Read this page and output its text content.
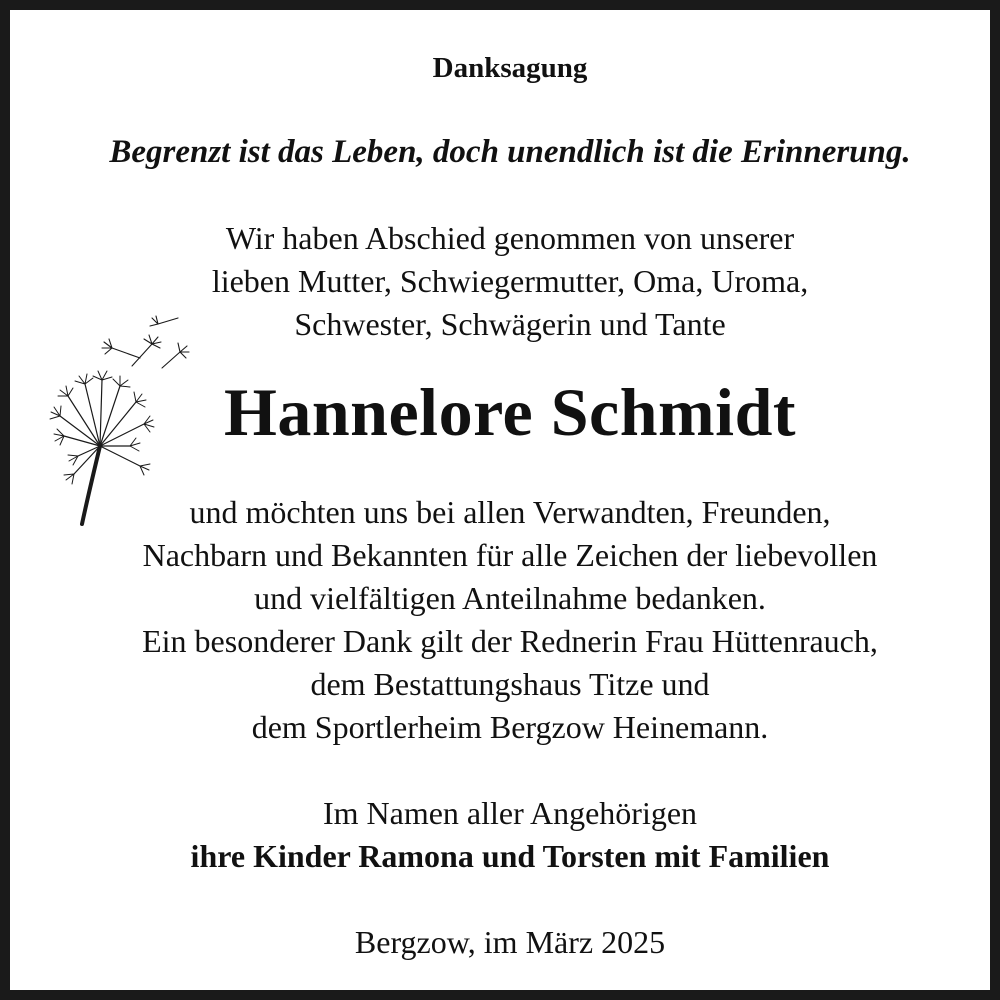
Danksagung
Begrenzt ist das Leben, doch unendlich ist die Erinnerung.
Wir haben Abschied genommen von unserer
lieben Mutter, Schwiegermutter, Oma, Uroma,
Schwester, Schwägerin und Tante
Hannelore Schmidt
und möchten uns bei allen Verwandten, Freunden,
Nachbarn und Bekannten für alle Zeichen der liebevollen
und vielfältigen Anteilnahme bedanken.
Ein besonderer Dank gilt der Rednerin Frau Hüttenrauch,
dem Bestattungshaus Titze und
dem Sportlerheim Bergzow Heinemann.
Im Namen aller Angehörigen
ihre Kinder Ramona und Torsten mit Familien
Bergzow, im März 2025
